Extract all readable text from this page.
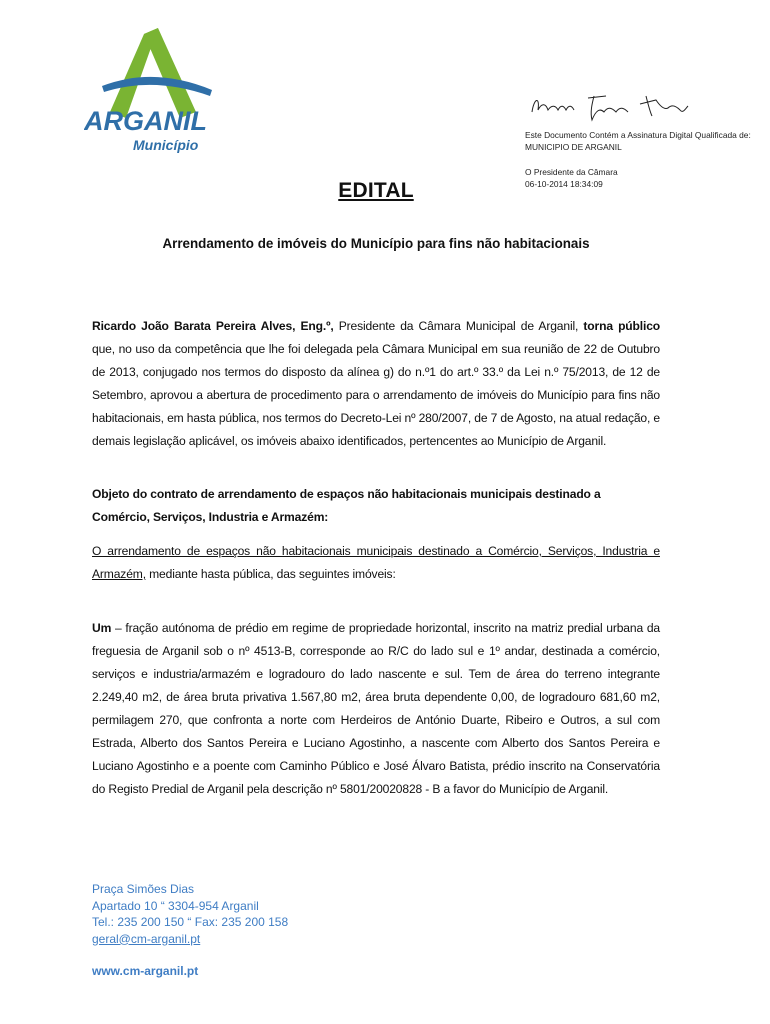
ARGANIL
Município
Este Documento Contém a Assinatura Digital Qualificada de:
MUNICIPIO DE ARGANIL
O Presidente da Câmara
06-10-2014 18:34:09
EDITAL
Arrendamento de imóveis do Município para fins não habitacionais
Ricardo João Barata Pereira Alves, Eng.º, Presidente da Câmara Municipal de Arganil, torna público que, no uso da competência que lhe foi delegada pela Câmara Municipal em sua reunião de 22 de Outubro de 2013, conjugado nos termos do disposto da alínea g) do n.º1 do art.º 33.º da Lei n.º 75/2013, de 12 de Setembro, aprovou a abertura de procedimento para o arrendamento de imóveis do Município para fins não habitacionais, em hasta pública, nos termos do Decreto-Lei nº 280/2007, de 7 de Agosto, na atual redação, e demais legislação aplicável, os imóveis abaixo identificados, pertencentes ao Município de Arganil.
Objeto do contrato de arrendamento de espaços não habitacionais municipais destinado a Comércio, Serviços, Industria e Armazém:
O arrendamento de espaços não habitacionais municipais destinado a Comércio, Serviços, Industria e Armazém, mediante hasta pública, das seguintes imóveis:
Um – fração autónoma de prédio em regime de propriedade horizontal, inscrito na matriz predial urbana da freguesia de Arganil sob o nº 4513-B, corresponde ao R/C do lado sul e 1º andar, destinada a comércio, serviços e industria/armazém e logradouro do lado nascente e sul. Tem de área do terreno integrante 2.249,40 m2, de área bruta privativa 1.567,80 m2, área bruta dependente 0,00, de logradouro 681,60 m2, permilagem 270, que confronta a norte com Herdeiros de António Duarte, Ribeiro e Outros, a sul com Estrada, Alberto dos Santos Pereira e Luciano Agostinho, a nascente com Alberto dos Santos Pereira e Luciano Agostinho e a poente com Caminho Público e José Álvaro Batista, prédio inscrito na Conservatória do Registo Predial de Arganil pela descrição nº 5801/20020828 - B a favor do Município de Arganil.
Praça Simões Dias
Apartado 10 “ 3304-954 Arganil
Tel.: 235 200 150 “ Fax: 235 200 158
geral@cm-arganil.pt
www.cm-arganil.pt
